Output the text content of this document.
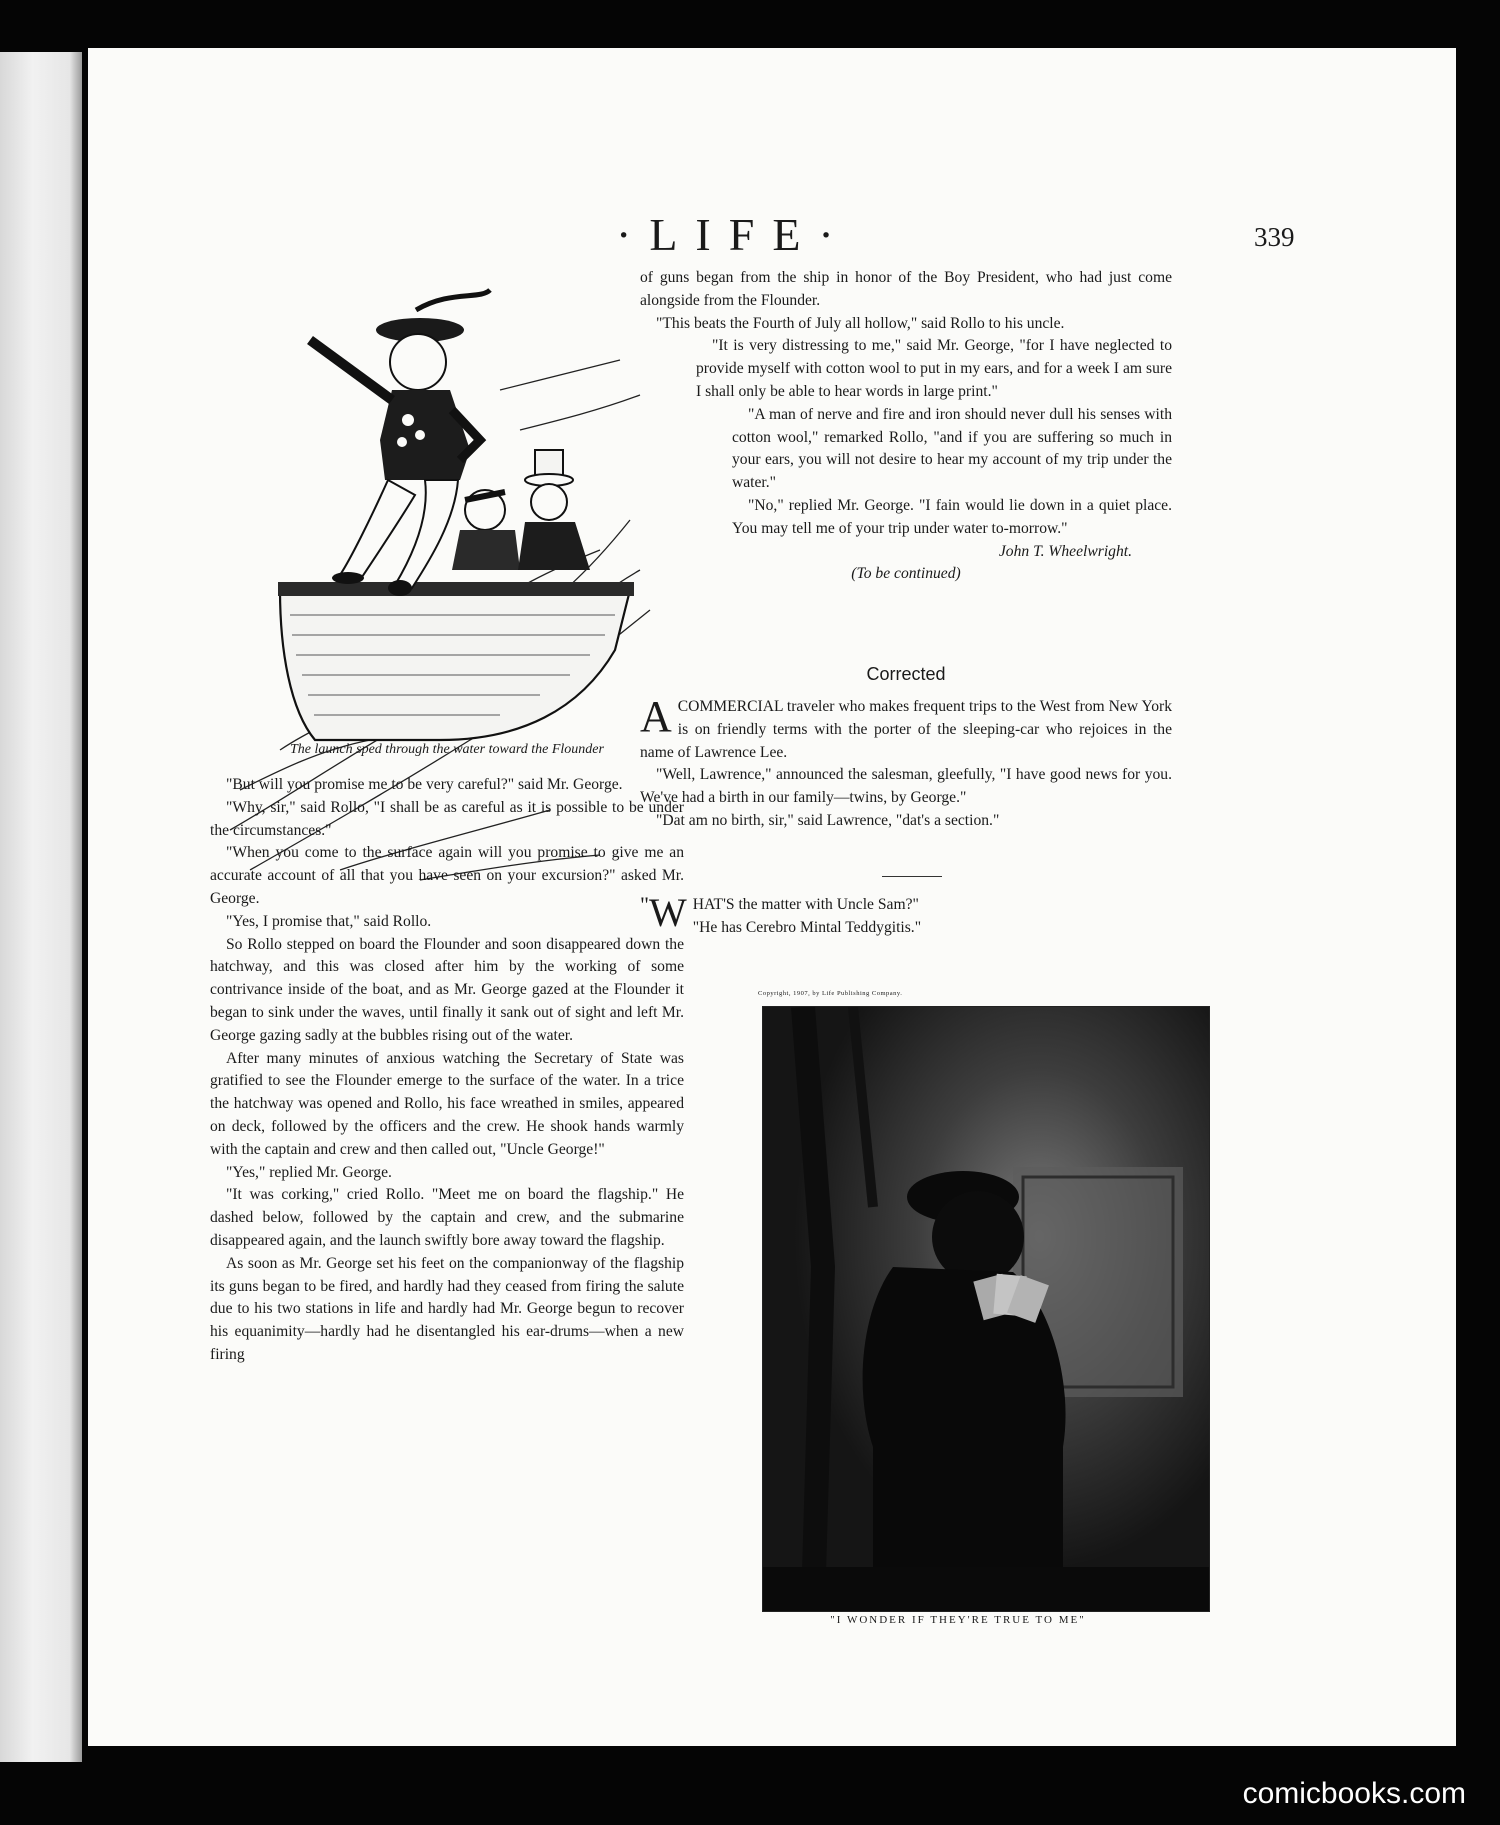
·LIFE·	339

of guns began from the ship in honor of the Boy President, who had just come alongside from the Flounder.

"This beats the Fourth of July all hollow," said Rollo to his uncle.

"It is very distressing to me," said Mr. George, "for I have neglected to provide myself with cotton wool to put in my ears, and for a week I am sure I shall only be able to hear words in large print."

"A man of nerve and fire and iron should never dull his senses with cotton wool," remarked Rollo, "and if you are suffering so much in your ears, you will not desire to hear my account of my trip under the water."

"No," replied Mr. George. "I fain would lie down in a quiet place. You may tell me of your trip under water to-morrow."

John T. Wheelwright.

(To be continued)

Corrected

A COMMERCIAL traveler who makes frequent trips to the West from New York is on friendly terms with the porter of the sleeping-car who rejoices in the name of Lawrence Lee.

"Well, Lawrence," announced the salesman, gleefully, "I have good news for you. We've had a birth in our family—twins, by George."

"Dat am no birth, sir," said Lawrence, "dat's a section."

" W HAT'S the matter with Uncle Sam?"
"He has Cerebro Mintal Teddygitis."

Copyright, 1907, by Life Publishing Company.
"I WONDER IF THEY'RE TRUE TO ME"
The launch sped through the water toward the Flounder

"But will you promise me to be very careful?" said Mr. George.

"Why, sir," said Rollo, "I shall be as careful as it is possible to be under the circumstances."

"When you come to the surface again will you promise to give me an accurate account of all that you have seen on your excursion?" asked Mr. George.

"Yes, I promise that," said Rollo.

So Rollo stepped on board the Flounder and soon disappeared down the hatchway, and this was closed after him by the working of some contrivance inside of the boat, and as Mr. George gazed at the Flounder it began to sink under the waves, until finally it sank out of sight and left Mr. George gazing sadly at the bubbles rising out of the water.

After many minutes of anxious watching the Secretary of State was gratified to see the Flounder emerge to the surface of the water. In a trice the hatchway was opened and Rollo, his face wreathed in smiles, appeared on deck, followed by the officers and the crew. He shook hands warmly with the captain and crew and then called out, "Uncle George!"

"Yes," replied Mr. George.

"It was corking," cried Rollo. "Meet me on board the flagship." He dashed below, followed by the captain and crew, and the submarine disappeared again, and the launch swiftly bore away toward the flagship.

As soon as Mr. George set his feet on the companionway of the flagship its guns began to be fired, and hardly had they ceased from firing the salute due to his two stations in life and hardly had Mr. George begun to recover his equanimity—hardly had he disentangled his ear-drums—when a new firing

comicbooks.com
